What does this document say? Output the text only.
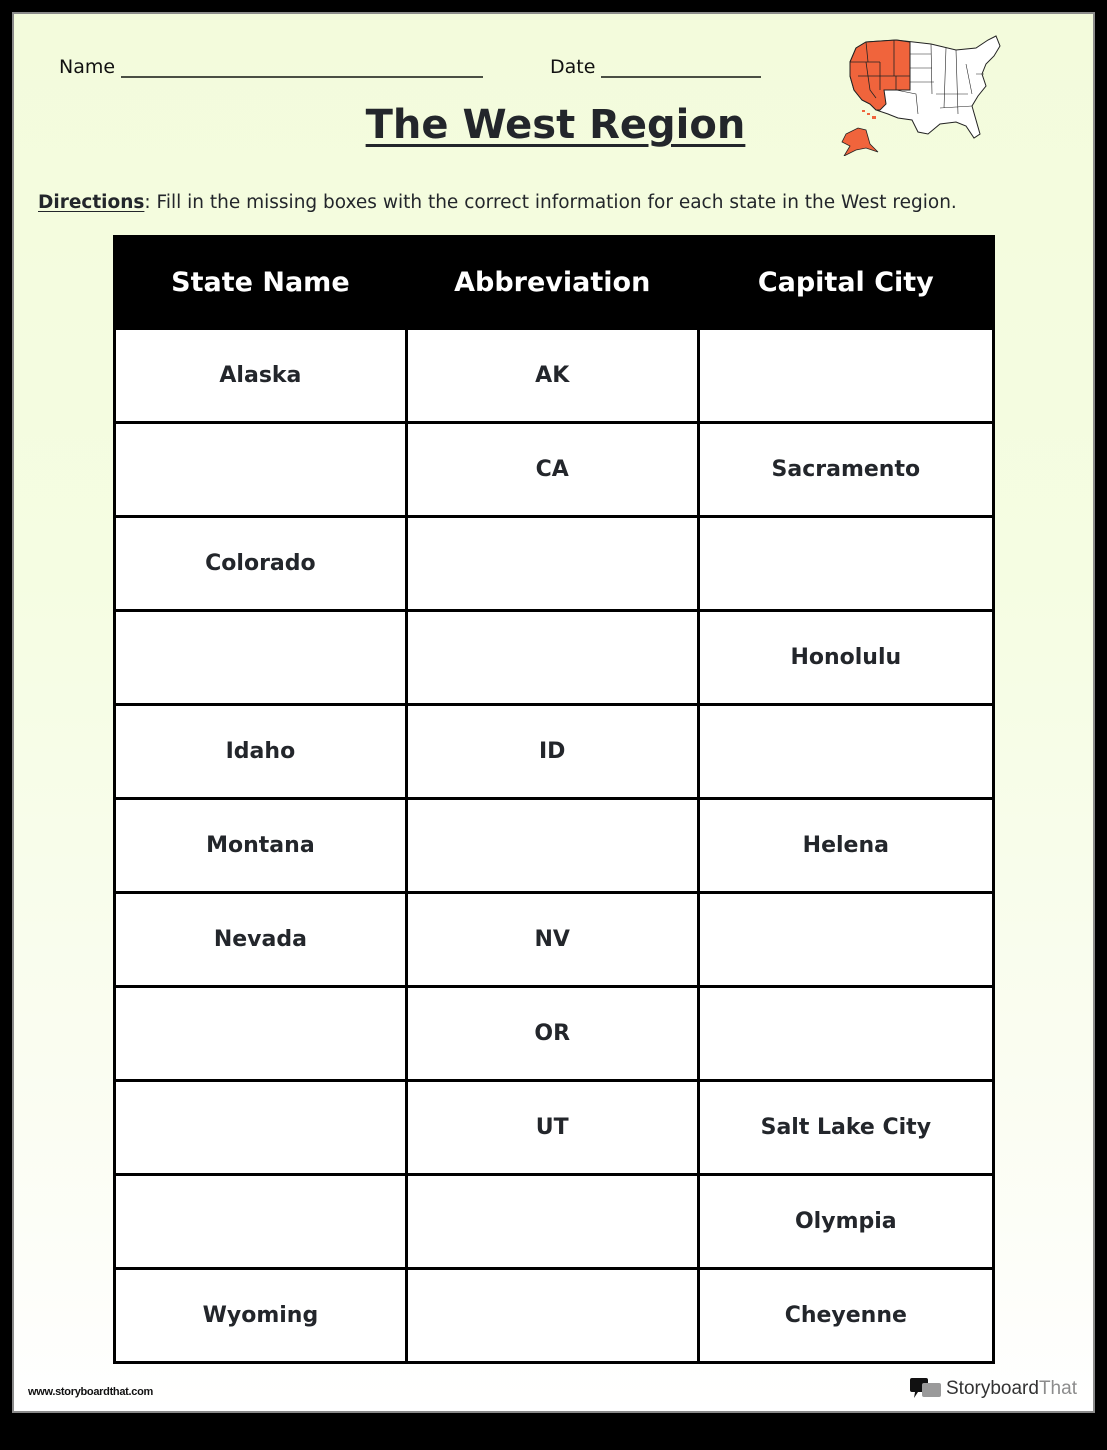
Name	Date
The West Region
Directions: Fill in the missing boxes with the correct information for each state in the West region.
State Name	Abbreviation	Capital City
Alaska	AK	
	CA	Sacramento
Colorado		
		Honolulu
Idaho	ID	
Montana		Helena
Nevada	NV	
	OR	
	UT	Salt Lake City
		Olympia
Wyoming		Cheyenne
www.storyboardthat.com	StoryboardThat
